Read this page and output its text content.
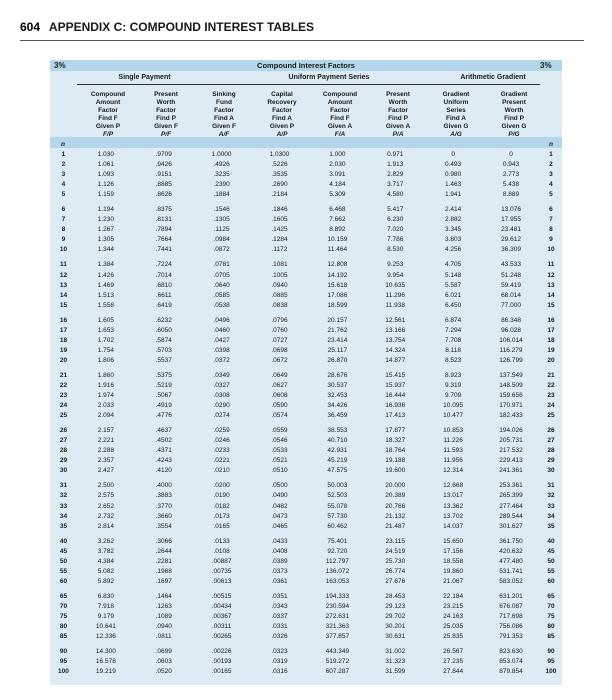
604 APPENDIX C: COMPOUND INTEREST TABLES
3%	3%
Compound Interest Factors
Single Payment	Uniform Payment Series	Arithmetic Gradient
Compound
Amount
Factor
Find F
Given P
F/P
Present
Worth
Factor
Find P
Given F
P/F
Sinking
Fund
Factor
Find A
Given F
A/F
Capital
Recovery
Factor
Find A
Given P
A/P
Compound
Amount
Factor
Find F
Given A
F/A
Present
Worth
Factor
Find P
Given A
P/A
Gradient
Uniform
Series
Find A
Given G
A/G
Gradient
Present
Worth
Find P
Given G
P/G
n	n
1	1.030	.9709	1.0000	1.0300	1.000	0.971	0	0	1
2	1.061	.9426	.4926	.5226	2.030	1.913	0.493	0.943	2
3	1.093	.9151	.3235	.3535	3.091	2.829	0.980	2.773	3
4	1.126	.8885	.2390	.2690	4.184	3.717	1.463	5.438	4
5	1.159	.8626	.1884	.2184	5.309	4.580	1.941	8.889	5

6	1.194	.8375	.1546	.1846	6.468	5.417	2.414	13.076	6
7	1.230	.8131	.1305	.1605	7.662	6.230	2.882	17.955	7
8	1.267	.7894	.1125	.1425	8.892	7.020	3.345	23.481	8
9	1.305	.7664	.0984	.1284	10.159	7.786	3.803	29.612	9
10	1.344	.7441	.0872	.1172	11.464	8.530	4.256	36.309	10

11	1.384	.7224	.0781	.1081	12.808	9.253	4.705	43.533	11
12	1.426	.7014	.0705	.1005	14.192	9.954	5.148	51.248	12
13	1.469	.6810	.0640	.0940	15.618	10.635	5.587	59.419	13
14	1.513	.6611	.0585	.0885	17.086	11.296	6.021	68.014	14
15	1.558	.6419	.0538	.0838	18.599	11.938	6.450	77.000	15

16	1.605	.6232	.0496	.0796	20.157	12.561	6.874	86.348	16
17	1.653	.6050	.0460	.0760	21.762	13.166	7.294	96.028	17
18	1.702	.5874	.0427	.0727	23.414	13.754	7.708	106.014	18
19	1.754	.5703	.0398	.0698	25.117	14.324	8.118	116.279	19
20	1.806	.5537	.0372	.0672	26.870	14.877	8.523	126.799	20

21	1.860	.5375	.0349	.0649	28.676	15.415	8.923	137.549	21
22	1.916	.5219	.0327	.0627	30.537	15.937	9.319	148.509	22
23	1.974	.5067	.0308	.0608	32.453	16.444	9.709	159.656	23
24	2.033	.4919	.0290	.0590	34.426	16.936	10.095	170.971	24
25	2.094	.4776	.0274	.0574	36.459	17.413	10.477	182.433	25

26	2.157	.4637	.0259	.0559	38.553	17.877	10.853	194.026	26
27	2.221	.4502	.0246	.0546	40.710	18.327	11.226	205.731	27
28	2.288	.4371	.0233	.0533	42.931	18.764	11.593	217.532	28
29	2.357	.4243	.0221	.0521	45.219	19.188	11.956	229.413	29
30	2.427	.4120	.0210	.0510	47.575	19.600	12.314	241.361	30

31	2.500	.4000	.0200	.0500	50.003	20.000	12.668	253.361	31
32	2.575	.3883	.0190	.0490	52.503	20.389	13.017	265.399	32
33	2.652	.3770	.0182	.0482	55.078	20.766	13.362	277.464	33
34	2.732	.3660	.0173	.0473	57.730	21.132	13.702	289.544	34
35	2.814	.3554	.0165	.0465	60.462	21.487	14.037	301.627	35

40	3.262	.3066	.0133	.0433	75.401	23.115	15.650	361.750	40
45	3.782	.2644	.0108	.0408	92.720	24.519	17.156	420.632	45
50	4.384	.2281	.00887	.0389	112.797	25.730	18.558	477.480	50
55	5.082	.1968	.00735	.0373	136.072	26.774	19.860	531.741	55
60	5.892	.1697	.00613	.0361	163.053	27.676	21.067	583.052	60

65	6.830	.1464	.00515	.0351	194.333	28.453	22.184	631.201	65
70	7.918	.1263	.00434	.0343	230.594	29.123	23.215	676.087	70
75	9.179	.1089	.00367	.0337	272.631	29.702	24.163	717.698	75
80	10.641	.0940	.00311	.0331	321.363	30.201	25.035	756.086	80
85	12.336	.0811	.00265	.0326	377.857	30.631	25.835	791.353	85

90	14.300	.0699	.00226	.0323	443.349	31.002	26.567	823.630	90
95	16.578	.0603	.00193	.0319	519.272	31.323	27.235	853.074	95
100	19.219	.0520	.00165	.0316	607.287	31.599	27.844	879.854	100
